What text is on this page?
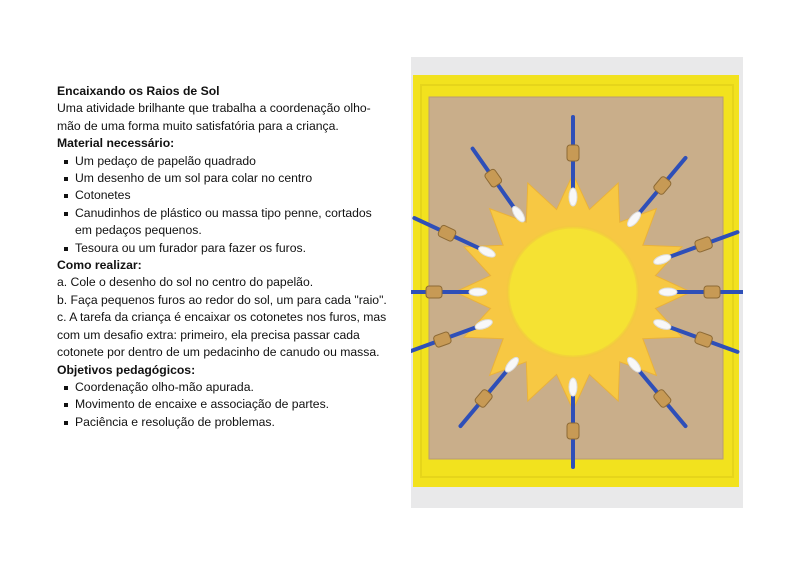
Encaixando os Raios de Sol

Uma atividade brilhante que trabalha a coordenação olho-mão de uma forma muito satisfatória para a criança.

Material necessário:

Um pedaço de papelão quadrado
Um desenho de um sol para colar no centro
Cotonetes
Canudinhos de plástico ou massa tipo penne, cortados em pedaços pequenos.
Tesoura ou um furador para fazer os furos.

Como realizar:

a. Cole o desenho do sol no centro do papelão.

b. Faça pequenos furos ao redor do sol, um para cada "raio".

c. A tarefa da criança é encaixar os cotonetes nos furos, mas com um desafio extra: primeiro, ela precisa passar cada cotonete por dentro de um pedacinho de canudo ou massa.

Objetivos pedagógicos:

Coordenação olho-mão apurada.
Movimento de encaixe e associação de partes.
Paciência e resolução de problemas.
